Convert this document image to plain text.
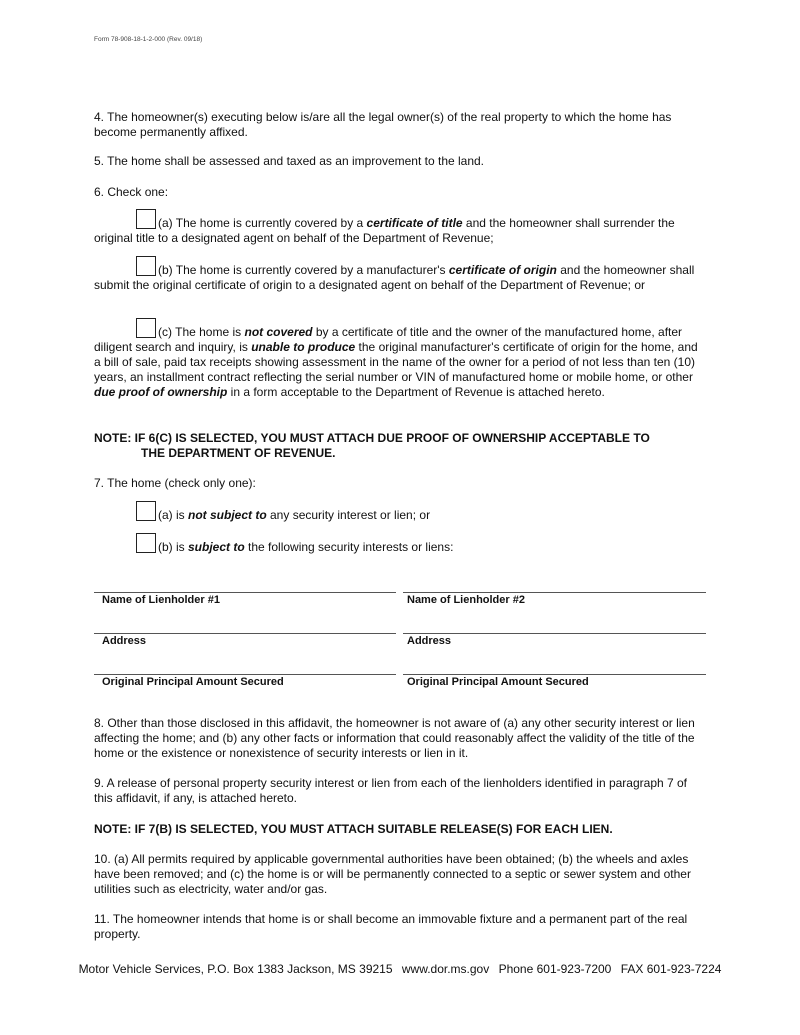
Form 78-908-18-1-2-000 (Rev. 09/18)
4. The homeowner(s) executing below is/are all the legal owner(s) of the real property to which the home has become permanently affixed.
5. The home shall be assessed and taxed as an improvement to the land.
6. Check one:
(a) The home is currently covered by a certificate of title and the homeowner shall surrender the original title to a designated agent on behalf of the Department of Revenue;
(b) The home is currently covered by a manufacturer's certificate of origin and the homeowner shall submit the original certificate of origin to a designated agent on behalf of the Department of Revenue; or
(c) The home is not covered by a certificate of title and the owner of the manufactured home, after diligent search and inquiry, is unable to produce the original manufacturer's certificate of origin for the home, and a bill of sale, paid tax receipts showing assessment in the name of the owner for a period of not less than ten (10) years, an installment contract reflecting the serial number or VIN of manufactured home or mobile home, or other due proof of ownership in a form acceptable to the Department of Revenue is attached hereto.
NOTE: IF 6(C) IS SELECTED, YOU MUST ATTACH DUE PROOF OF OWNERSHIP ACCEPTABLE TO
THE DEPARTMENT OF REVENUE.
7. The home (check only one):
(a) is not subject to any security interest or lien; or
(b) is subject to the following security interests or liens:
Name of Lienholder #1	Name of Lienholder #2
Address	Address
Original Principal Amount Secured	Original Principal Amount Secured
8. Other than those disclosed in this affidavit, the homeowner is not aware of (a) any other security interest or lien affecting the home; and (b) any other facts or information that could reasonably affect the validity of the title of the home or the existence or nonexistence of security interests or lien in it.
9. A release of personal property security interest or lien from each of the lienholders identified in paragraph 7 of this affidavit, if any, is attached hereto.
NOTE: IF 7(B) IS SELECTED, YOU MUST ATTACH SUITABLE RELEASE(S) FOR EACH LIEN.
10. (a) All permits required by applicable governmental authorities have been obtained; (b) the wheels and axles have been removed; and (c) the home is or will be permanently connected to a septic or sewer system and other utilities such as electricity, water and/or gas.
11. The homeowner intends that home is or shall become an immovable fixture and a permanent part of the real property.
Motor Vehicle Services, P.O. Box 1383 Jackson, MS 39215 www.dor.ms.gov Phone 601-923-7200 FAX 601-923-7224
